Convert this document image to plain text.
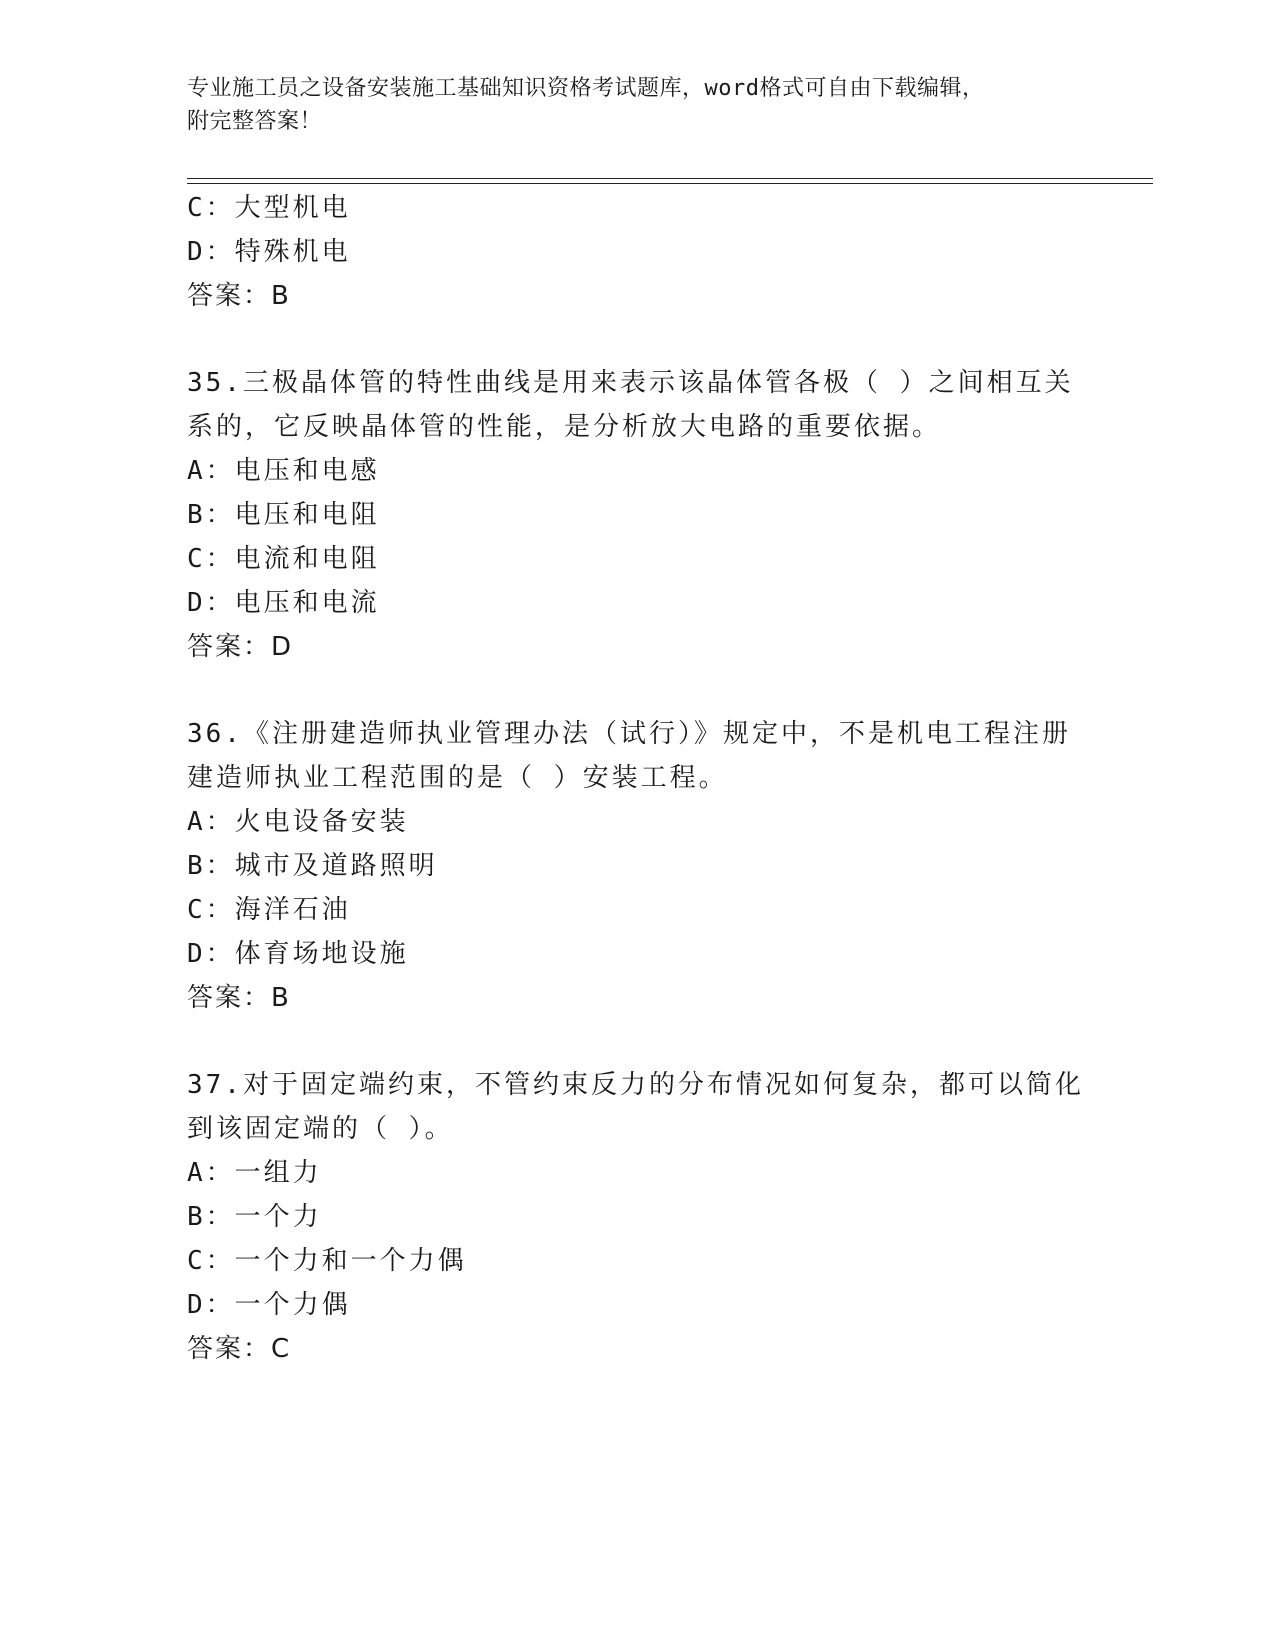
专业施工员之设备安装施工基础知识资格考试题库，word格式可自由下载编辑，
附完整答案！
C：大型机电
D：特殊机电
答案：B
35.三极晶体管的特性曲线是用来表示该晶体管各极（ ）之间相互关
系的，它反映晶体管的性能，是分析放大电路的重要依据。
A：电压和电感
B：电压和电阻
C：电流和电阻
D：电压和电流
答案：D
36.《注册建造师执业管理办法（试行）》规定中，不是机电工程注册
建造师执业工程范围的是（ ）安装工程。
A：火电设备安装
B：城市及道路照明
C：海洋石油
D：体育场地设施
答案：B
37.对于固定端约束，不管约束反力的分布情况如何复杂，都可以简化
到该固定端的（ ）。
A：一组力
B：一个力
C：一个力和一个力偶
D：一个力偶
答案：C
